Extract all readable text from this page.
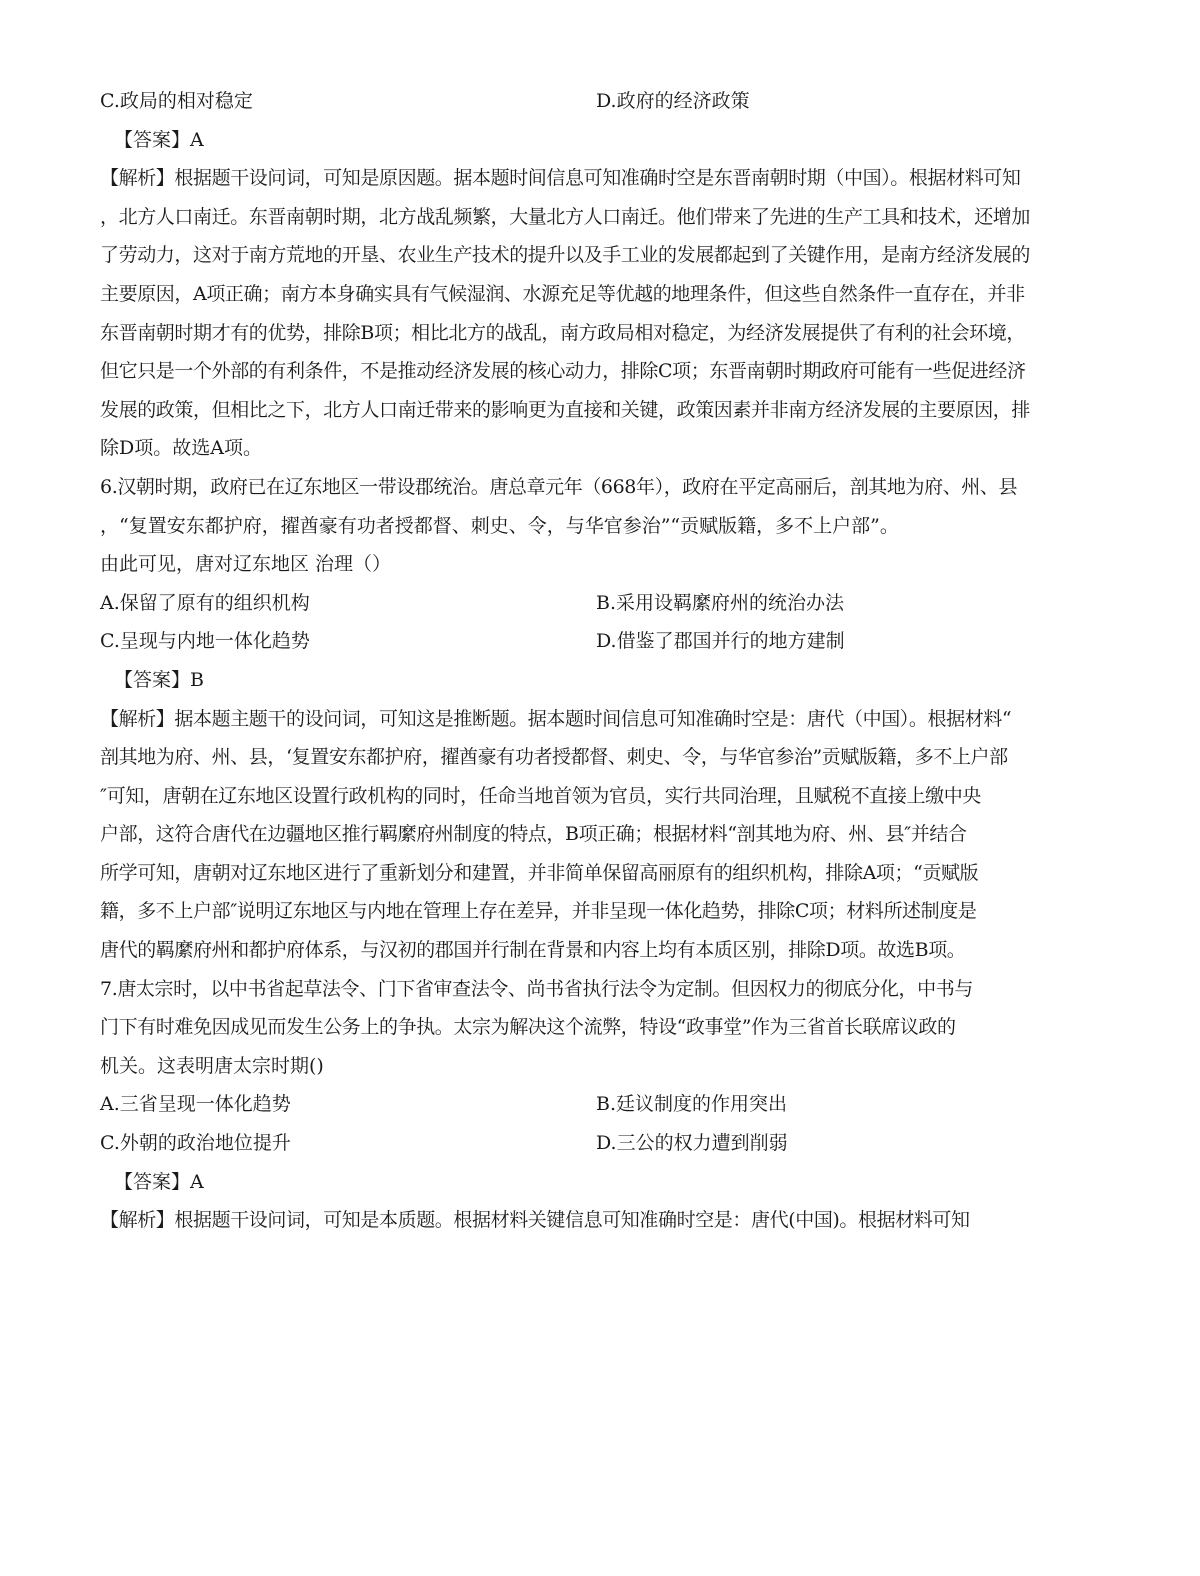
C.政局的相对稳定	D.政府的经济政策
【答案】A
【解析】根据题干设问词，可知是原因题。据本题时间信息可知准确时空是东晋南朝时期（中国）。根据材料可知
，北方人口南迁。东晋南朝时期，北方战乱频繁，大量北方人口南迁。他们带来了先进的生产工具和技术，还增加
了劳动力，这对于南方荒地的开垦、农业生产技术的提升以及手工业的发展都起到了关键作用，是南方经济发展的
主要原因，A项正确；南方本身确实具有气候湿润、水源充足等优越的地理条件，但这些自然条件一直存在，并非
东晋南朝时期才有的优势，排除B项；相比北方的战乱，南方政局相对稳定，为经济发展提供了有利的社会环境，
但它只是一个外部的有利条件，不是推动经济发展的核心动力，排除C项；东晋南朝时期政府可能有一些促进经济
发展的政策，但相比之下，北方人口南迁带来的影响更为直接和关键，政策因素并非南方经济发展的主要原因，排
除D项。故选A项。
6.汉朝时期，政府已在辽东地区一带设郡统治。唐总章元年（668年），政府在平定高丽后，剖其地为府、州、县
，“复置安东都护府，擢酋豪有功者授都督、刺史、令，与华官参治”“贡赋版籍，多不上户部”。
由此可见，唐对辽东地区 治理（）
A.保留了原有的组织机构	B.采用设羁縻府州的统治办法
C.呈现与内地一体化趋势	D.借鉴了郡国并行的地方建制
【答案】B
【解析】据本题主题干的设问词，可知这是推断题。据本题时间信息可知准确时空是：唐代（中国）。根据材料“
剖其地为府、州、县，‘复置安东都护府，擢酋豪有功者授都督、刺史、令，与华官参治”贡赋版籍，多不上户部
″可知，唐朝在辽东地区设置行政机构的同时，任命当地首领为官员，实行共同治理，且赋税不直接上缴中央
户部，这符合唐代在边疆地区推行羁縻府州制度的特点，B项正确；根据材料“剖其地为府、州、县″并结合
所学可知，唐朝对辽东地区进行了重新划分和建置，并非简单保留高丽原有的组织机构，排除A项；“贡赋版
籍，多不上户部″说明辽东地区与内地在管理上存在差异，并非呈现一体化趋势，排除C项；材料所述制度是
唐代的羁縻府州和都护府体系，与汉初的郡国并行制在背景和内容上均有本质区别，排除D项。故选B项。
7.唐太宗时，以中书省起草法令、门下省审查法令、尚书省执行法令为定制。但因权力的彻底分化，中书与
门下有时难免因成见而发生公务上的争执。太宗为解决这个流弊，特设“政事堂”作为三省首长联席议政的
机关。这表明唐太宗时期()
A.三省呈现一体化趋势	B.廷议制度的作用突出
C.外朝的政治地位提升	D.三公的权力遭到削弱
【答案】A
【解析】根据题干设问词，可知是本质题。根据材料关键信息可知准确时空是：唐代(中国)。根据材料可知
